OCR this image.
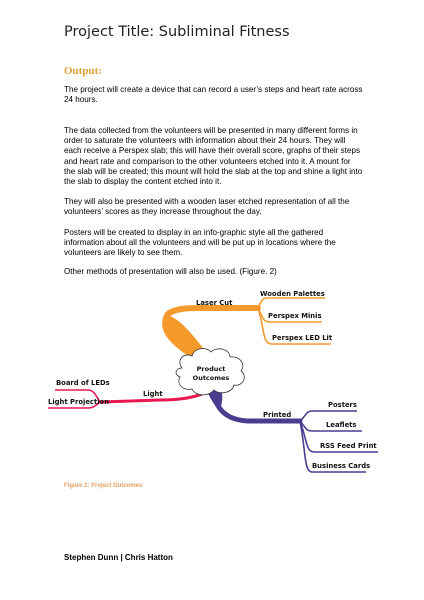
Project Title: Subliminal Fitness
Output:

The project will create a device that can record a user’s steps and heart rate across 24 hours.

The data collected from the volunteers will be presented in many different forms in order to saturate the volunteers with information about their 24 hours. They will each receive a Perspex slab; this will have their overall score, graphs of their steps and heart rate and comparison to the other volunteers etched into it. A mount for the slab will be created; this mount will hold the slab at the top and shine a light into the slab to display the content etched into it.

They will also be presented with a wooden laser etched representation of all the volunteers’ scores as they increase throughout the day.

Posters will be created to display in an info-graphic style all the gathered information about all the volunteers and will be put up in locations where the volunteers are likely to see them.

Other methods of presentation will also be used. (Figure. 2)

Laser Cut
Wooden Palettes
Perspex Minis
Perspex LED Lit
Light
Board of LEDs
Light Projection
Printed
Posters
Leaflets
RSS Feed Print
Business Cards
Product
Outcomes
Figure 2: Project Outcomes
Stephen Dunn | Chris Hatton
